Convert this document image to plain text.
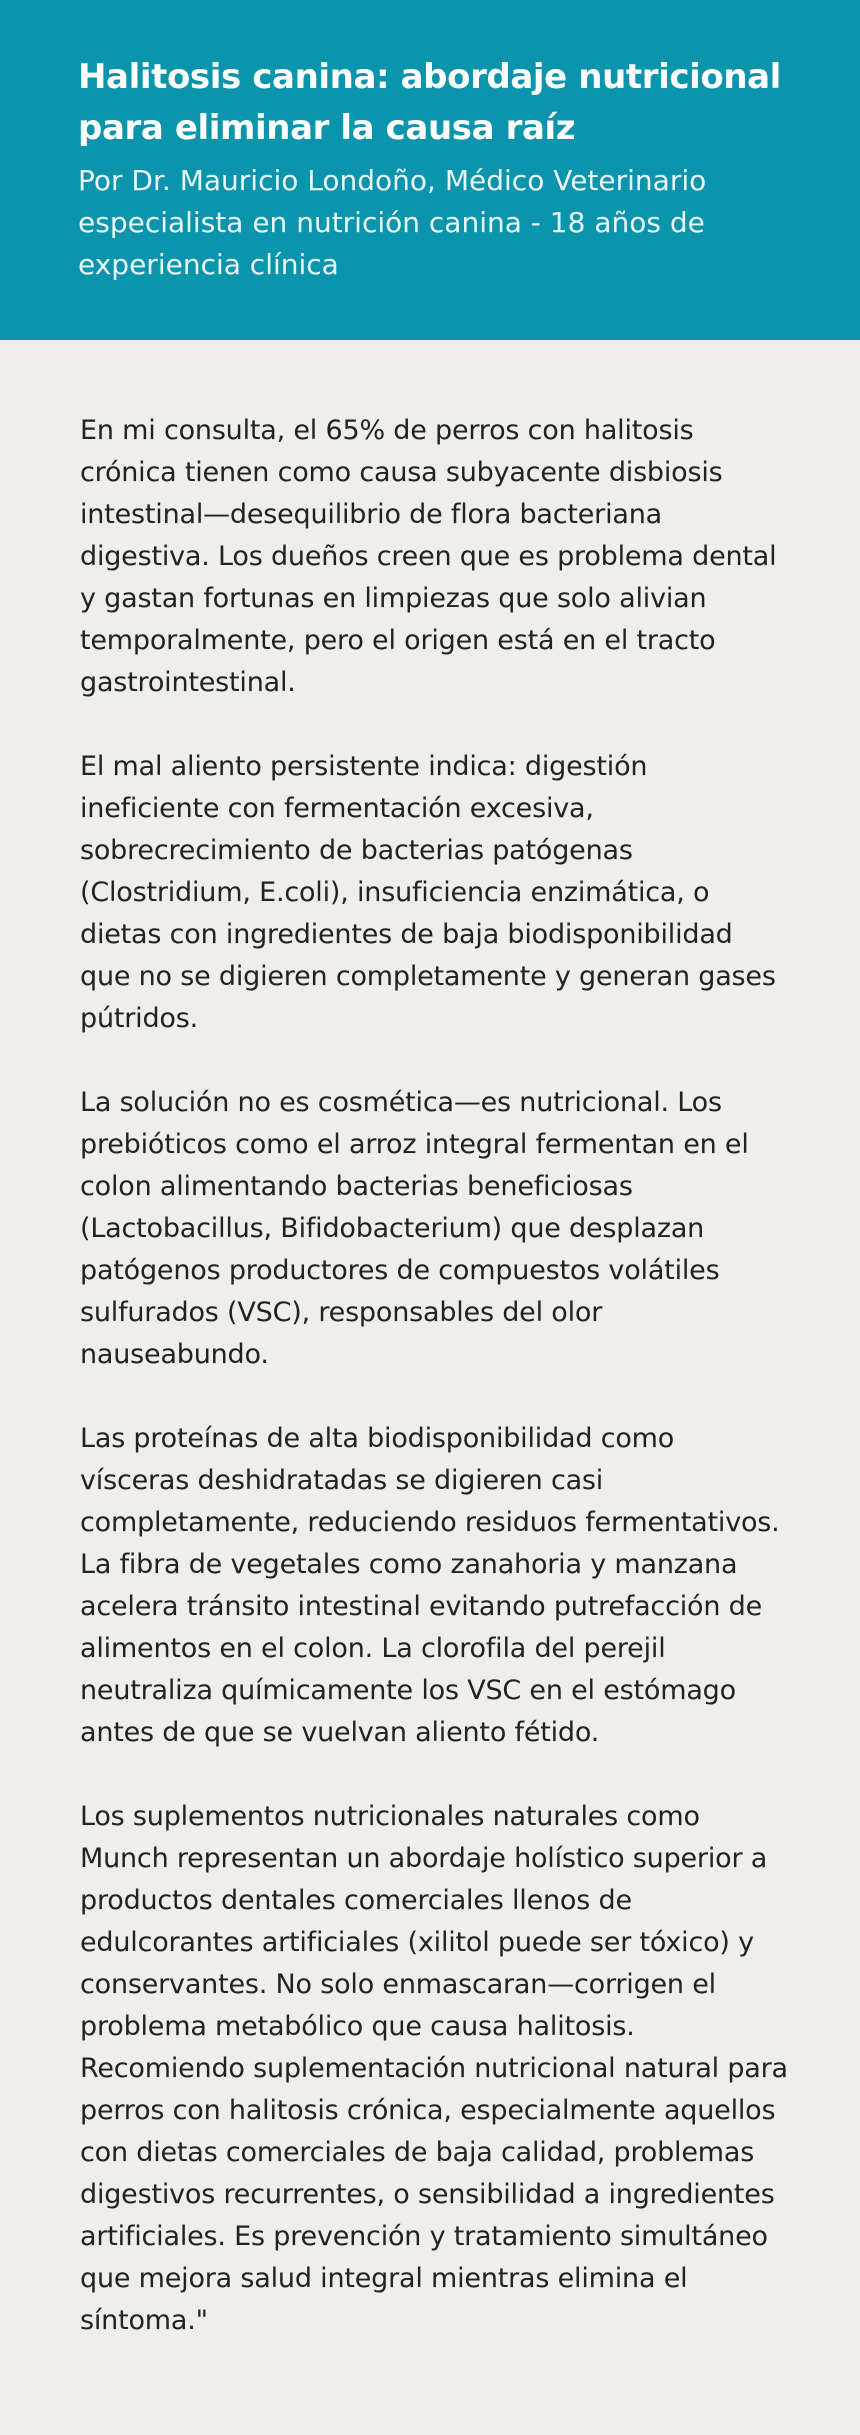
Halitosis canina: abordaje nutricional para eliminar la causa raíz

Por Dr. Mauricio Londoño, Médico Veterinario especialista en nutrición canina - 18 años de experiencia clínica

En mi consulta, el 65% de perros con halitosis crónica tienen como causa subyacente disbiosis intestinal—desequilibrio de flora bacteriana digestiva. Los dueños creen que es problema dental y gastan fortunas en limpiezas que solo alivian temporalmente, pero el origen está en el tracto gastrointestinal.

El mal aliento persistente indica: digestión ineficiente con fermentación excesiva, sobrecrecimiento de bacterias patógenas (Clostridium, E.coli), insuficiencia enzimática, o dietas con ingredientes de baja biodisponibilidad que no se digieren completamente y generan gases pútridos.

La solución no es cosmética—es nutricional. Los prebióticos como el arroz integral fermentan en el colon alimentando bacterias beneficiosas (Lactobacillus, Bifidobacterium) que desplazan patógenos productores de compuestos volátiles sulfurados (VSC), responsables del olor nauseabundo.

Las proteínas de alta biodisponibilidad como vísceras deshidratadas se digieren casi completamente, reduciendo residuos fermentativos. La fibra de vegetales como zanahoria y manzana acelera tránsito intestinal evitando putrefacción de alimentos en el colon. La clorofila del perejil neutraliza químicamente los VSC en el estómago antes de que se vuelvan aliento fétido.

Los suplementos nutricionales naturales como Munch representan un abordaje holístico superior a productos dentales comerciales llenos de edulcorantes artificiales (xilitol puede ser tóxico) y conservantes. No solo enmascaran—corrigen el problema metabólico que causa halitosis. Recomiendo suplementación nutricional natural para perros con halitosis crónica, especialmente aquellos con dietas comerciales de baja calidad, problemas digestivos recurrentes, o sensibilidad a ingredientes artificiales. Es prevención y tratamiento simultáneo que mejora salud integral mientras elimina el síntoma."
